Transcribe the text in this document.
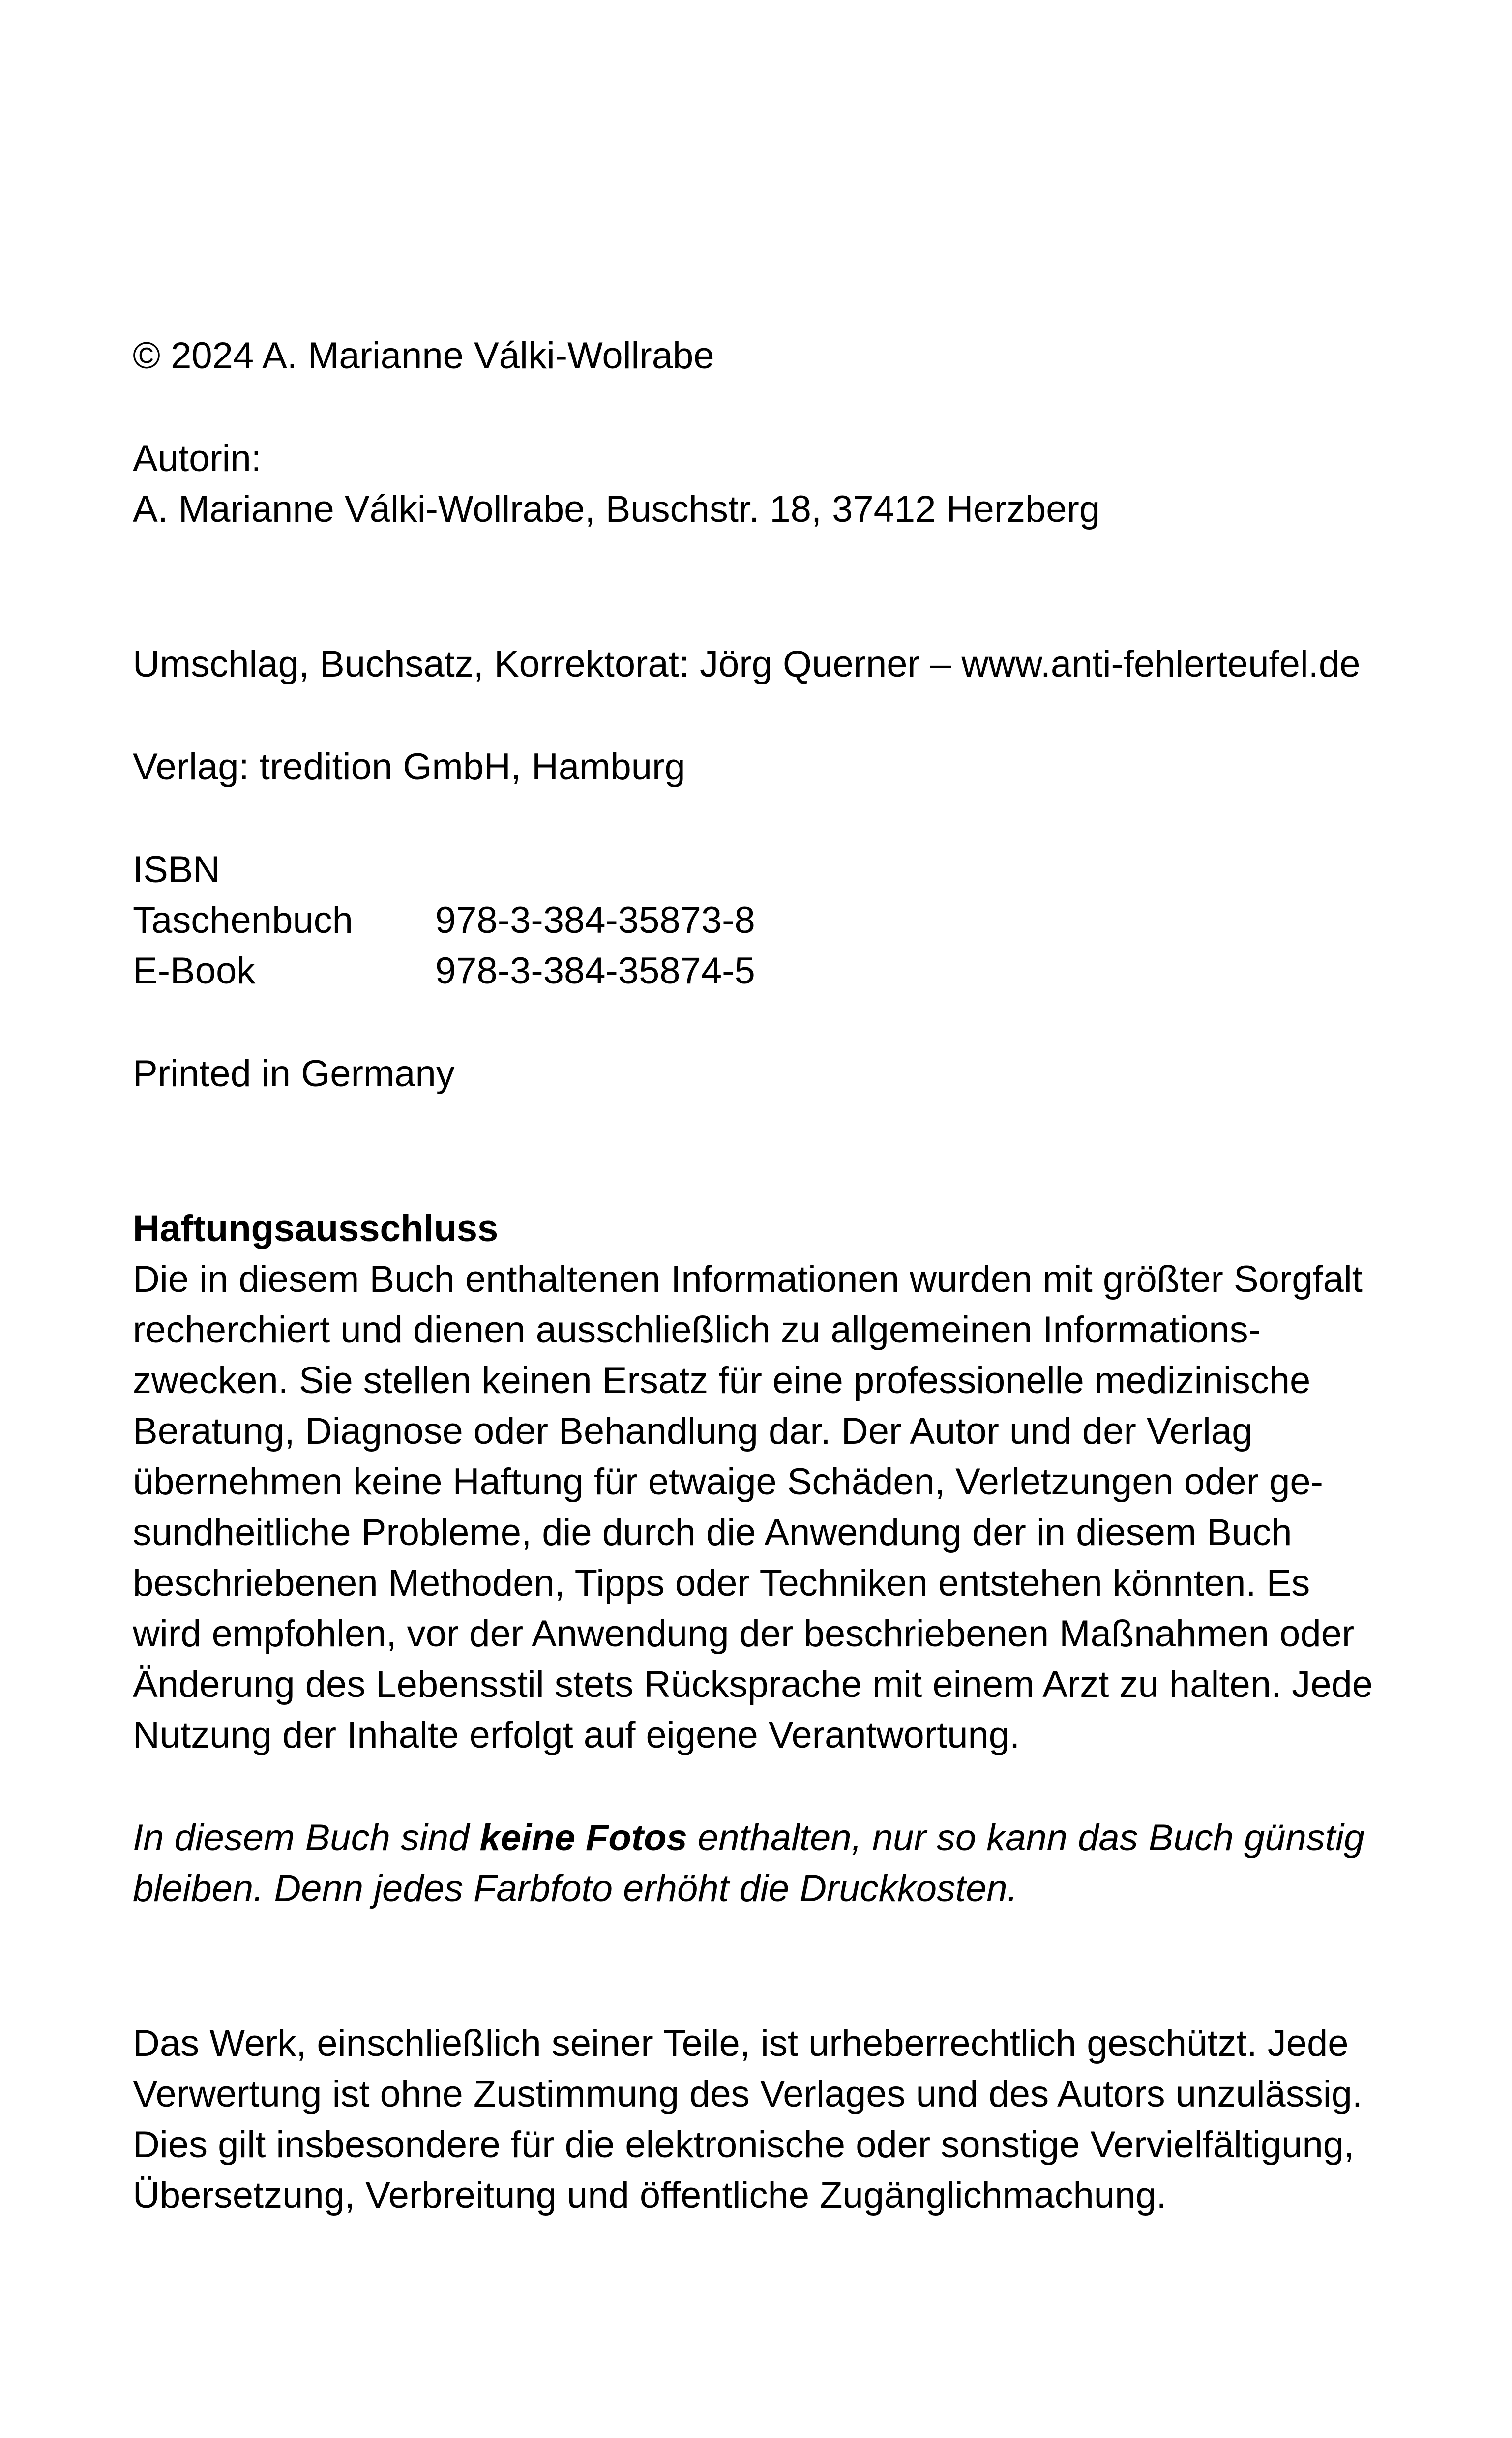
© 2024 A. Marianne Válki-Wollrabe
Autorin:
A. Marianne Válki-Wollrabe, Buschstr. 18, 37412 Herzberg
Umschlag, Buchsatz, Korrektorat: Jörg Querner – www.anti-fehlerteufel.de
Verlag: tredition GmbH, Hamburg
ISBN
Taschenbuch 978-3-384-35873-8
E-Book	978-3-384-35874-5
Printed in Germany
Haftungsausschluss
Die in diesem Buch enthaltenen Informationen wurden mit größter Sorgfalt
recherchiert und dienen ausschließlich zu allgemeinen Informations-
zwecken. Sie stellen keinen Ersatz für eine professionelle medizinische
Beratung, Diagnose oder Behandlung dar. Der Autor und der Verlag
übernehmen keine Haftung für etwaige Schäden, Verletzungen oder ge-
sundheitliche Probleme, die durch die Anwendung der in diesem Buch
beschriebenen Methoden, Tipps oder Techniken entstehen könnten. Es
wird empfohlen, vor der Anwendung der beschriebenen Maßnahmen oder
Änderung des Lebensstil stets Rücksprache mit einem Arzt zu halten. Jede
Nutzung der Inhalte erfolgt auf eigene Verantwortung.
In diesem Buch sind keine Fotos enthalten, nur so kann das Buch günstig
bleiben. Denn jedes Farbfoto erhöht die Druckkosten.
Das Werk, einschließlich seiner Teile, ist urheberrechtlich geschützt. Jede
Verwertung ist ohne Zustimmung des Verlages und des Autors unzulässig.
Dies gilt insbesondere für die elektronische oder sonstige Vervielfältigung,
Übersetzung, Verbreitung und öffentliche Zugänglichmachung.
